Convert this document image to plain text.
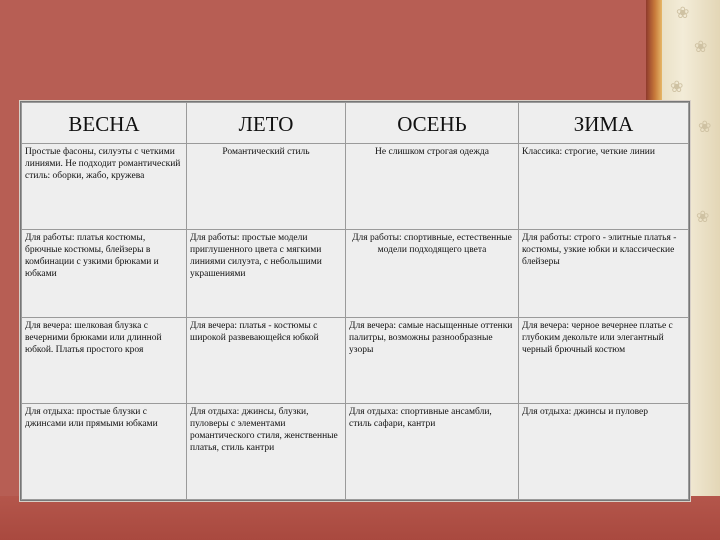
❀
❀
❀
❀
❀
ВЕСНА	ЛЕТО	ОСЕНЬ	ЗИМА

Простые фасоны, силуэты с четкими линиями. Не подходит романтический стиль: оборки, жабо, кружева	Романтический стиль	Не слишком строгая одежда	Классика: строгие, четкие линии
Для работы: платья костюмы, брючные костюмы, блейзеры в комбинации с узкими брюками и юбками	Для работы: простые модели приглушенного цвета с мягкими линиями силуэта, с небольшими украшениями	Для работы: спортивные, естественные модели подходящего цвета	Для работы: строго - элитные платья - костюмы, узкие юбки и классические блейзеры
Для вечера: шелковая блузка с вечерними брюками или длинной юбкой. Платья простого кроя	Для вечера: платья - костюмы с широкой развевающейся юбкой	Для вечера: самые насыщенные оттенки палитры, возможны разнообразные узоры	Для вечера: черное вечернее платье с глубоким декольте или элегантный черный брючный костюм
Для отдыха: простые блузки с джинсами или прямыми юбками	Для отдыха: джинсы, блузки, пуловеры с элементами романтического стиля, женственные платья, стиль кантри	Для отдыха: спортивные ансамбли, стиль сафари, кантри	Для отдыха: джинсы и пуловер
